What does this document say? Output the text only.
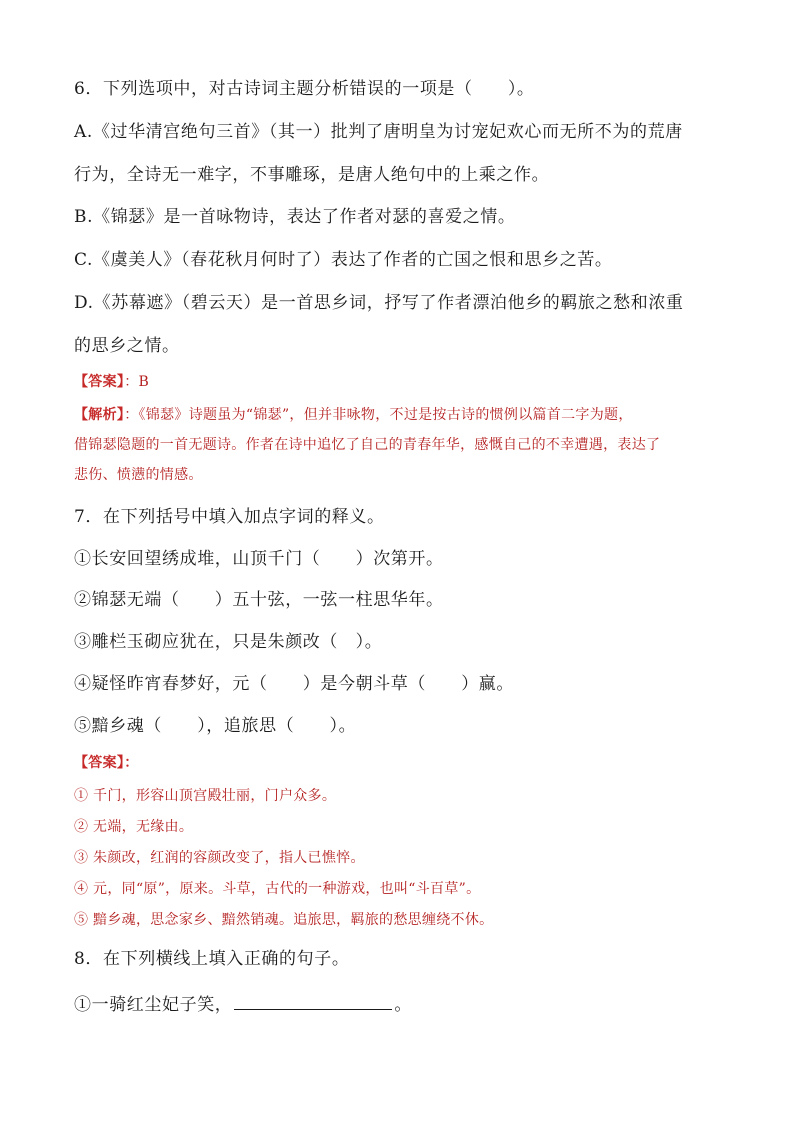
6．下列选项中，对古诗词主题分析错误的一项是（　　）。
A.《过华清宫绝句三首》（其一）批判了唐明皇为讨宠妃欢心而无所不为的荒唐
行为，全诗无一难字，不事雕琢，是唐人绝句中的上乘之作。
B.《锦瑟》是一首咏物诗，表达了作者对瑟的喜爱之情。
C.《虞美人》（春花秋月何时了）表达了作者的亡国之恨和思乡之苦。
D.《苏幕遮》（碧云天）是一首思乡词，抒写了作者漂泊他乡的羁旅之愁和浓重
的思乡之情。
【答案】：B
【解析】：《锦瑟》诗题虽为“锦瑟”，但并非咏物，不过是按古诗的惯例以篇首二字为题，
借锦瑟隐题的一首无题诗。作者在诗中追忆了自己的青春年华，感慨自己的不幸遭遇，表达了
悲伤、愤懑的情感。
7．在下列括号中填入加点字词的释义。
①长安回望绣成堆，山顶千门（　　）次第开。
②锦瑟无端（　　）五十弦，一弦一柱思华年。
③雕栏玉砌应犹在，只是朱颜改（　）。
④疑怪昨宵春梦好，元（　　）是今朝斗草（　　）赢。
⑤黯乡魂（　　），追旅思（　　）。
【答案】：
① 千门，形容山顶宫殿壮丽，门户众多。
② 无端，无缘由。
③ 朱颜改，红润的容颜改变了，指人已憔悴。
④ 元，同“原”，原来。斗草，古代的一种游戏，也叫“斗百草”。
⑤ 黯乡魂，思念家乡、黯然销魂。追旅思，羁旅的愁思缠绕不休。
8．在下列横线上填入正确的句子。
①一骑红尘妃子笑，	。
